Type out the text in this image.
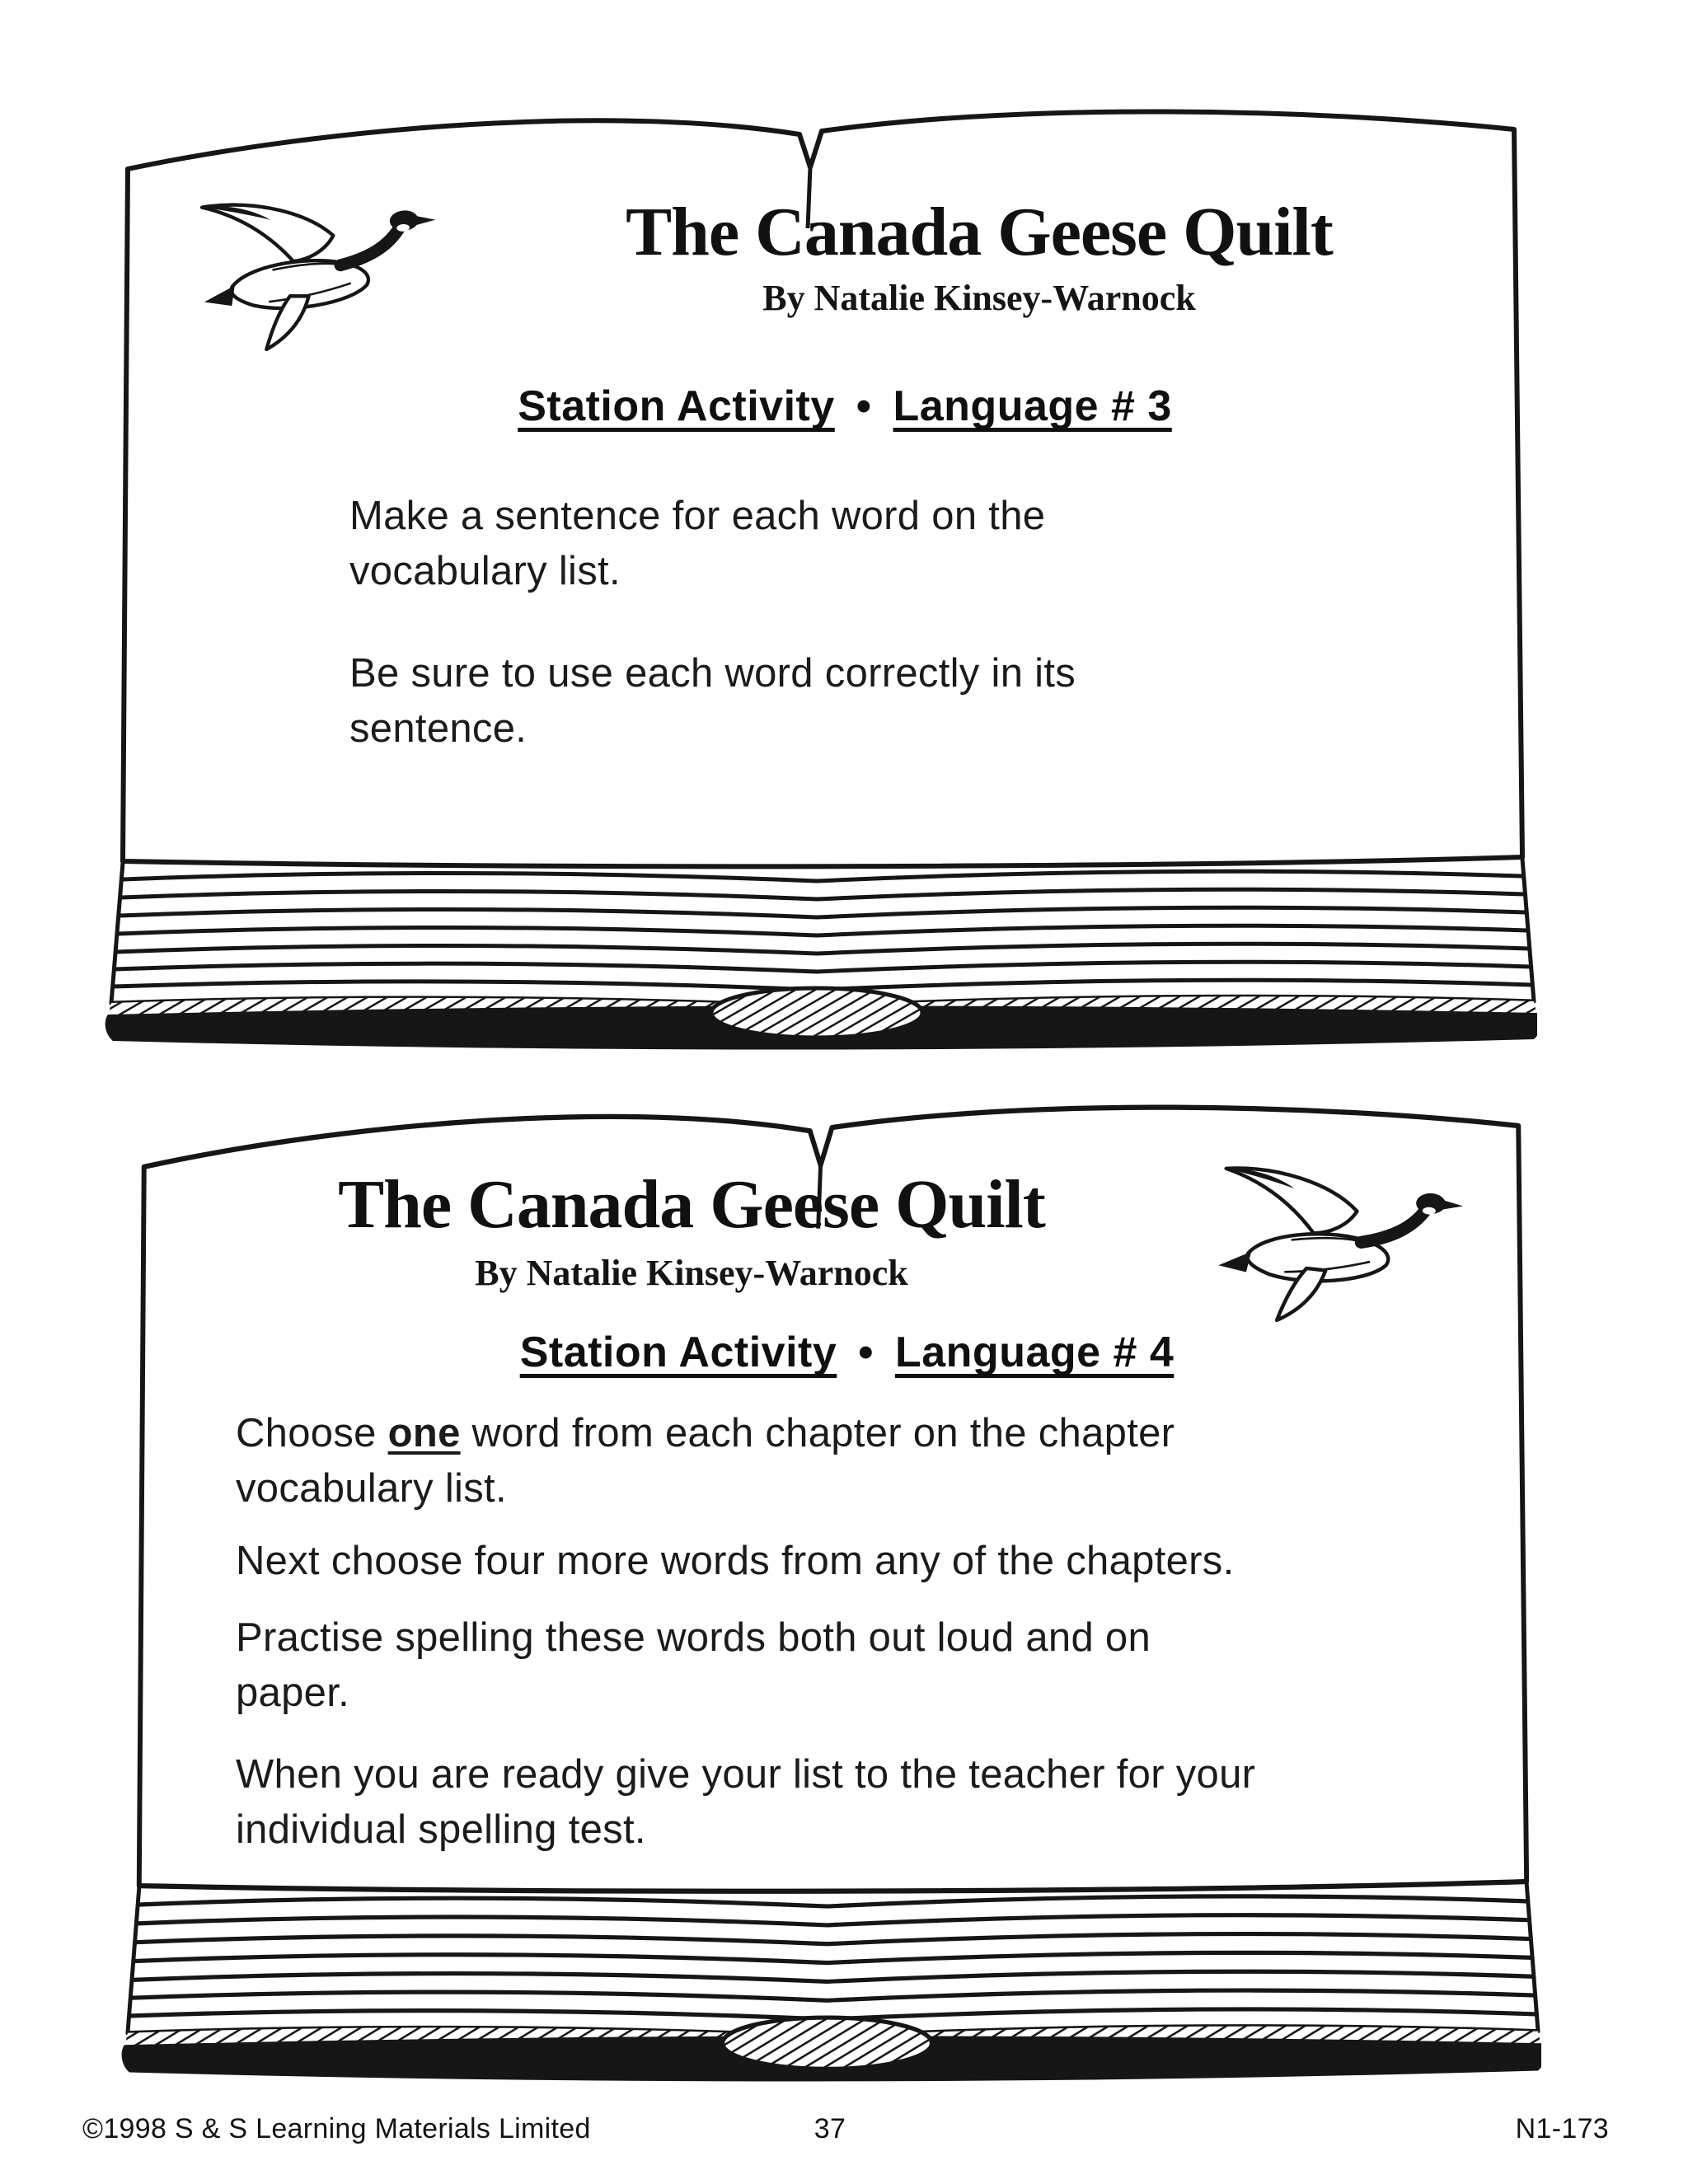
The Canada Geese Quilt
By Natalie Kinsey-Warnock
Station Activity • Language # 3
Make a sentence for each word on the
vocabulary list.
Be sure to use each word correctly in its
sentence.
The Canada Geese Quilt
By Natalie Kinsey-Warnock
Station Activity • Language # 4
Choose one word from each chapter on the chapter
vocabulary list.
Next choose four more words from any of the chapters.
Practise spelling these words both out loud and on
paper.
When you are ready give your list to the teacher for your
individual spelling test.
©1998 S & S Learning Materials Limited	37	N1-173
